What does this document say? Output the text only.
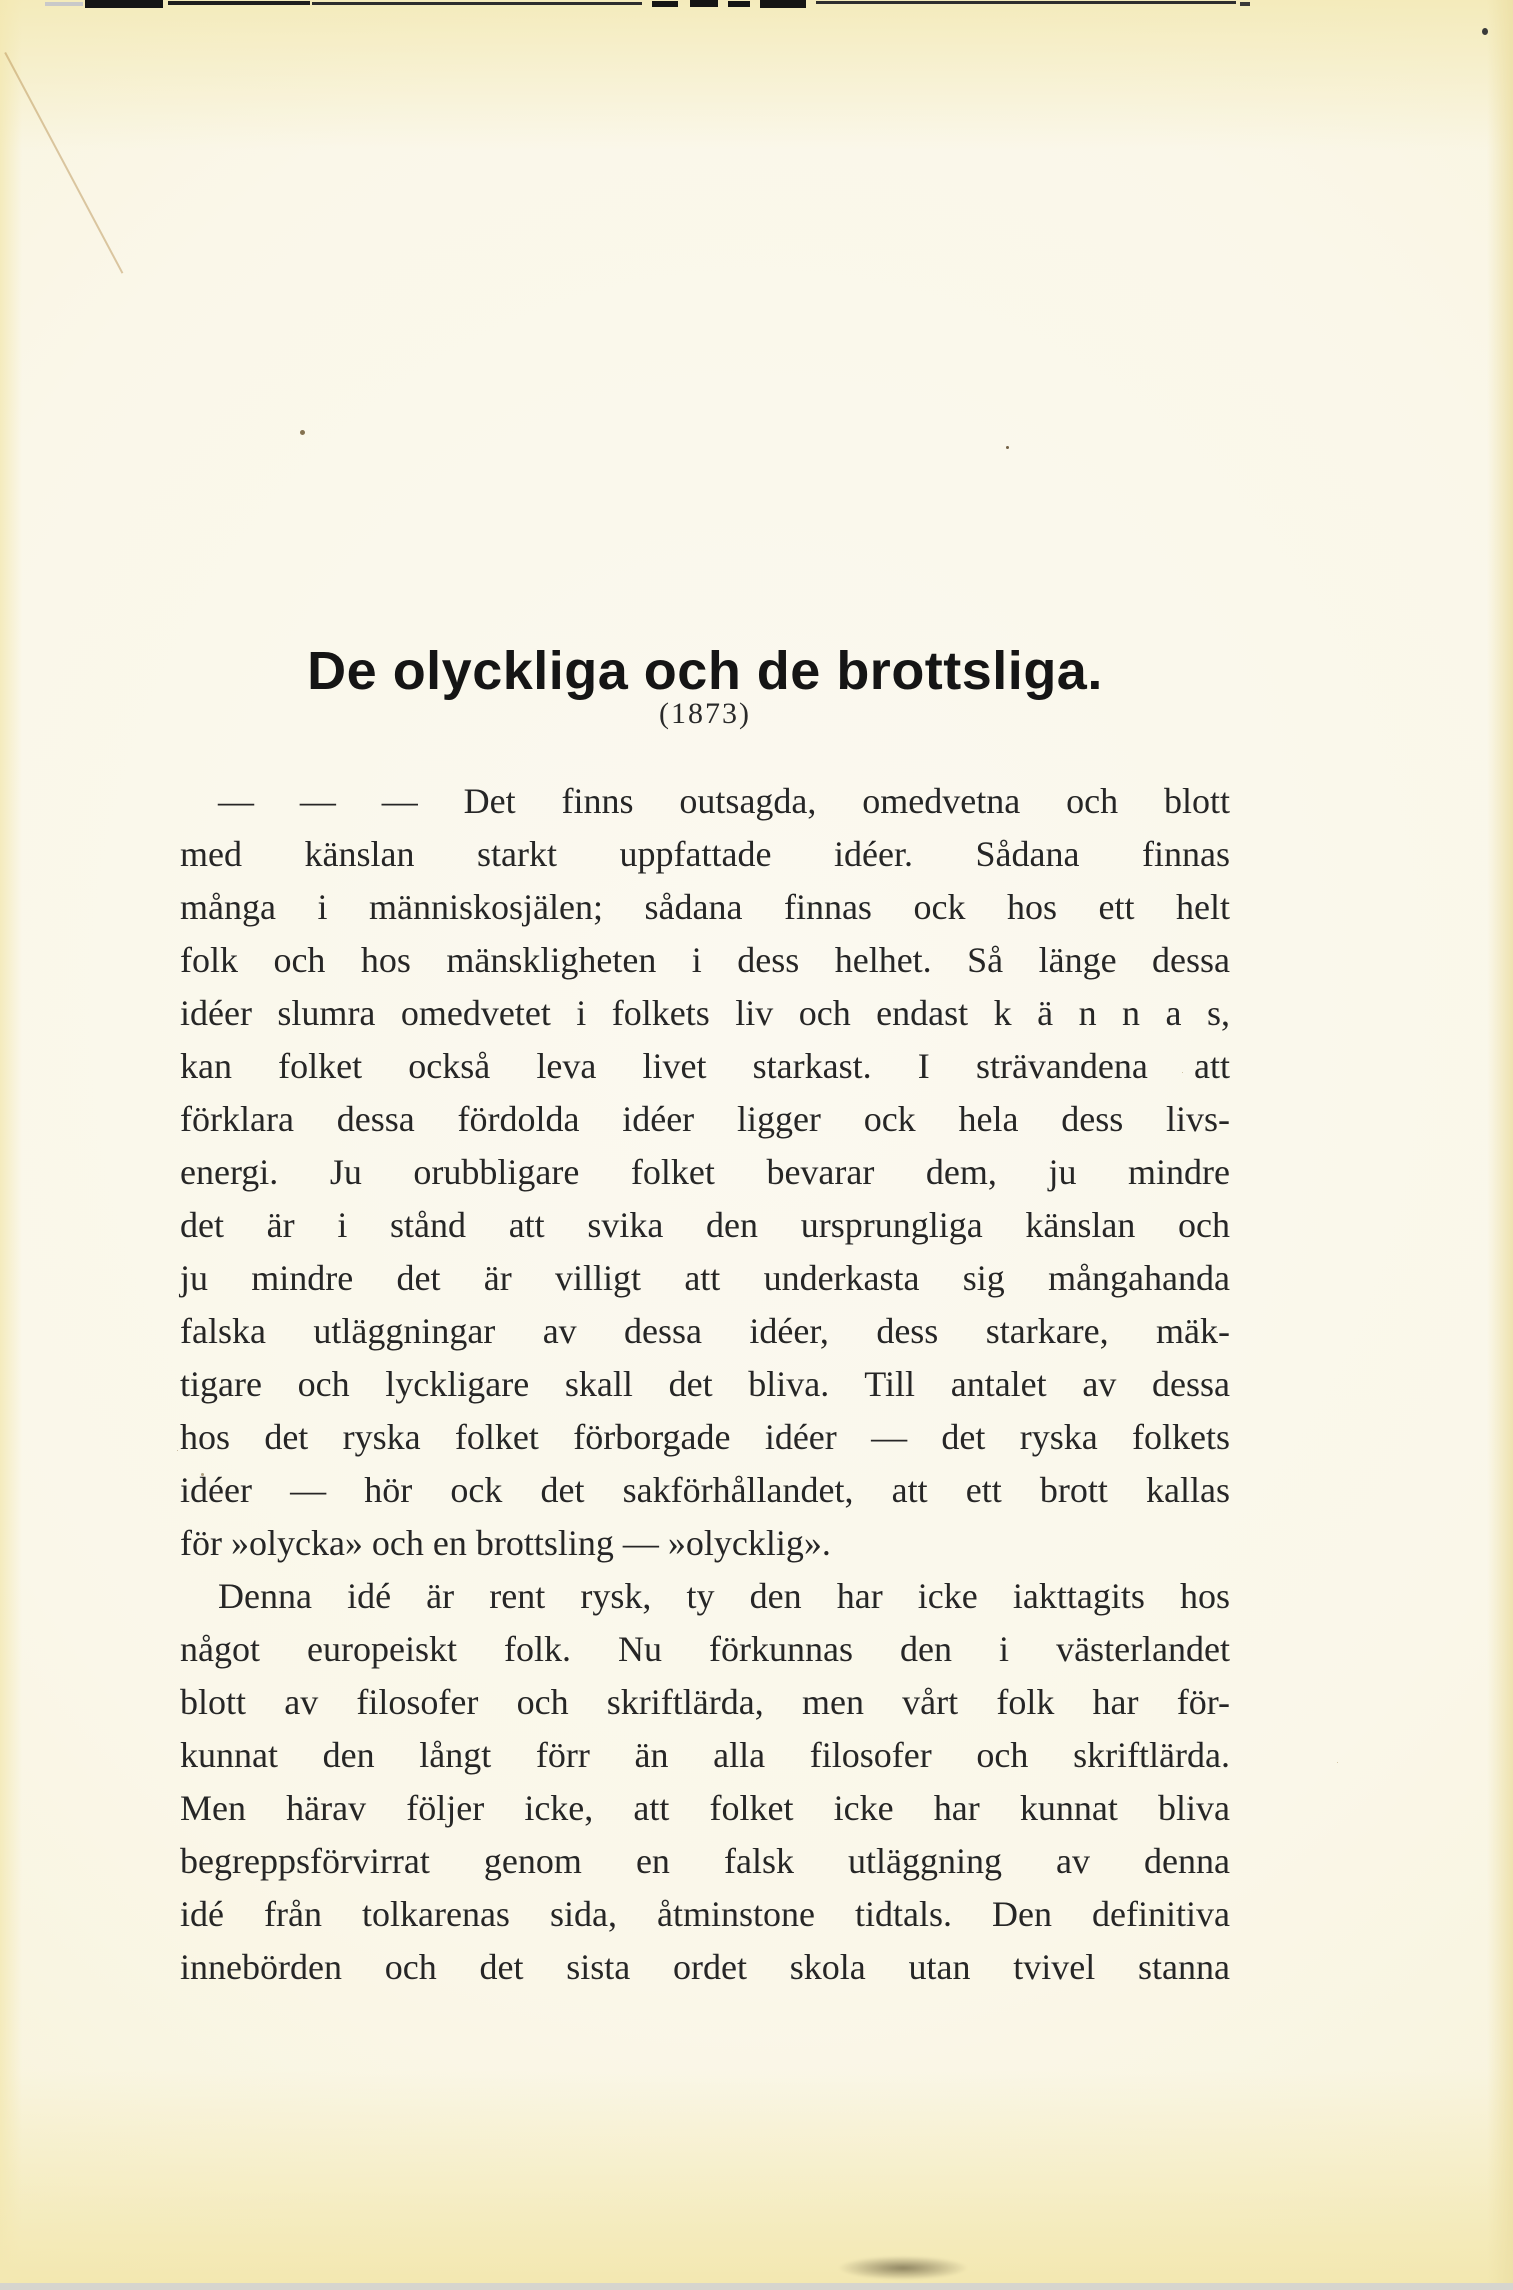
De olyckliga och de brottsliga.
(1873)
— — — Det finns outsagda, omedvetna och blott
med känslan starkt uppfattade idéer. Sådana finnas
många i människosjälen; sådana finnas ock hos ett helt
folk och hos mänskligheten i dess helhet. Så länge dessa
idéer slumra omedvetet i folkets liv och endast k ä n n a s,
kan folket också leva livet starkast. I strävandena att
förklara dessa fördolda idéer ligger ock hela dess livs-
energi. Ju orubbligare folket bevarar dem, ju mindre
det är i stånd att svika den ursprungliga känslan och
ju mindre det är villigt att underkasta sig mångahanda
falska utläggningar av dessa idéer, dess starkare, mäk-
tigare och lyckligare skall det bliva. Till antalet av dessa
hos det ryska folket förborgade idéer — det ryska folkets
idéer — hör ock det sakförhållandet, att ett brott kallas
för »olycka» och en brottsling — »olycklig».
Denna idé är rent rysk, ty den har icke iakttagits hos
något europeiskt folk. Nu förkunnas den i västerlandet
blott av filosofer och skriftlärda, men vårt folk har för-
kunnat den långt förr än alla filosofer och skriftlärda.
Men härav följer icke, att folket icke har kunnat bliva
begreppsförvirrat genom en falsk utläggning av denna
idé från tolkarenas sida, åtminstone tidtals. Den definitiva
innebörden och det sista ordet skola utan tvivel stanna
